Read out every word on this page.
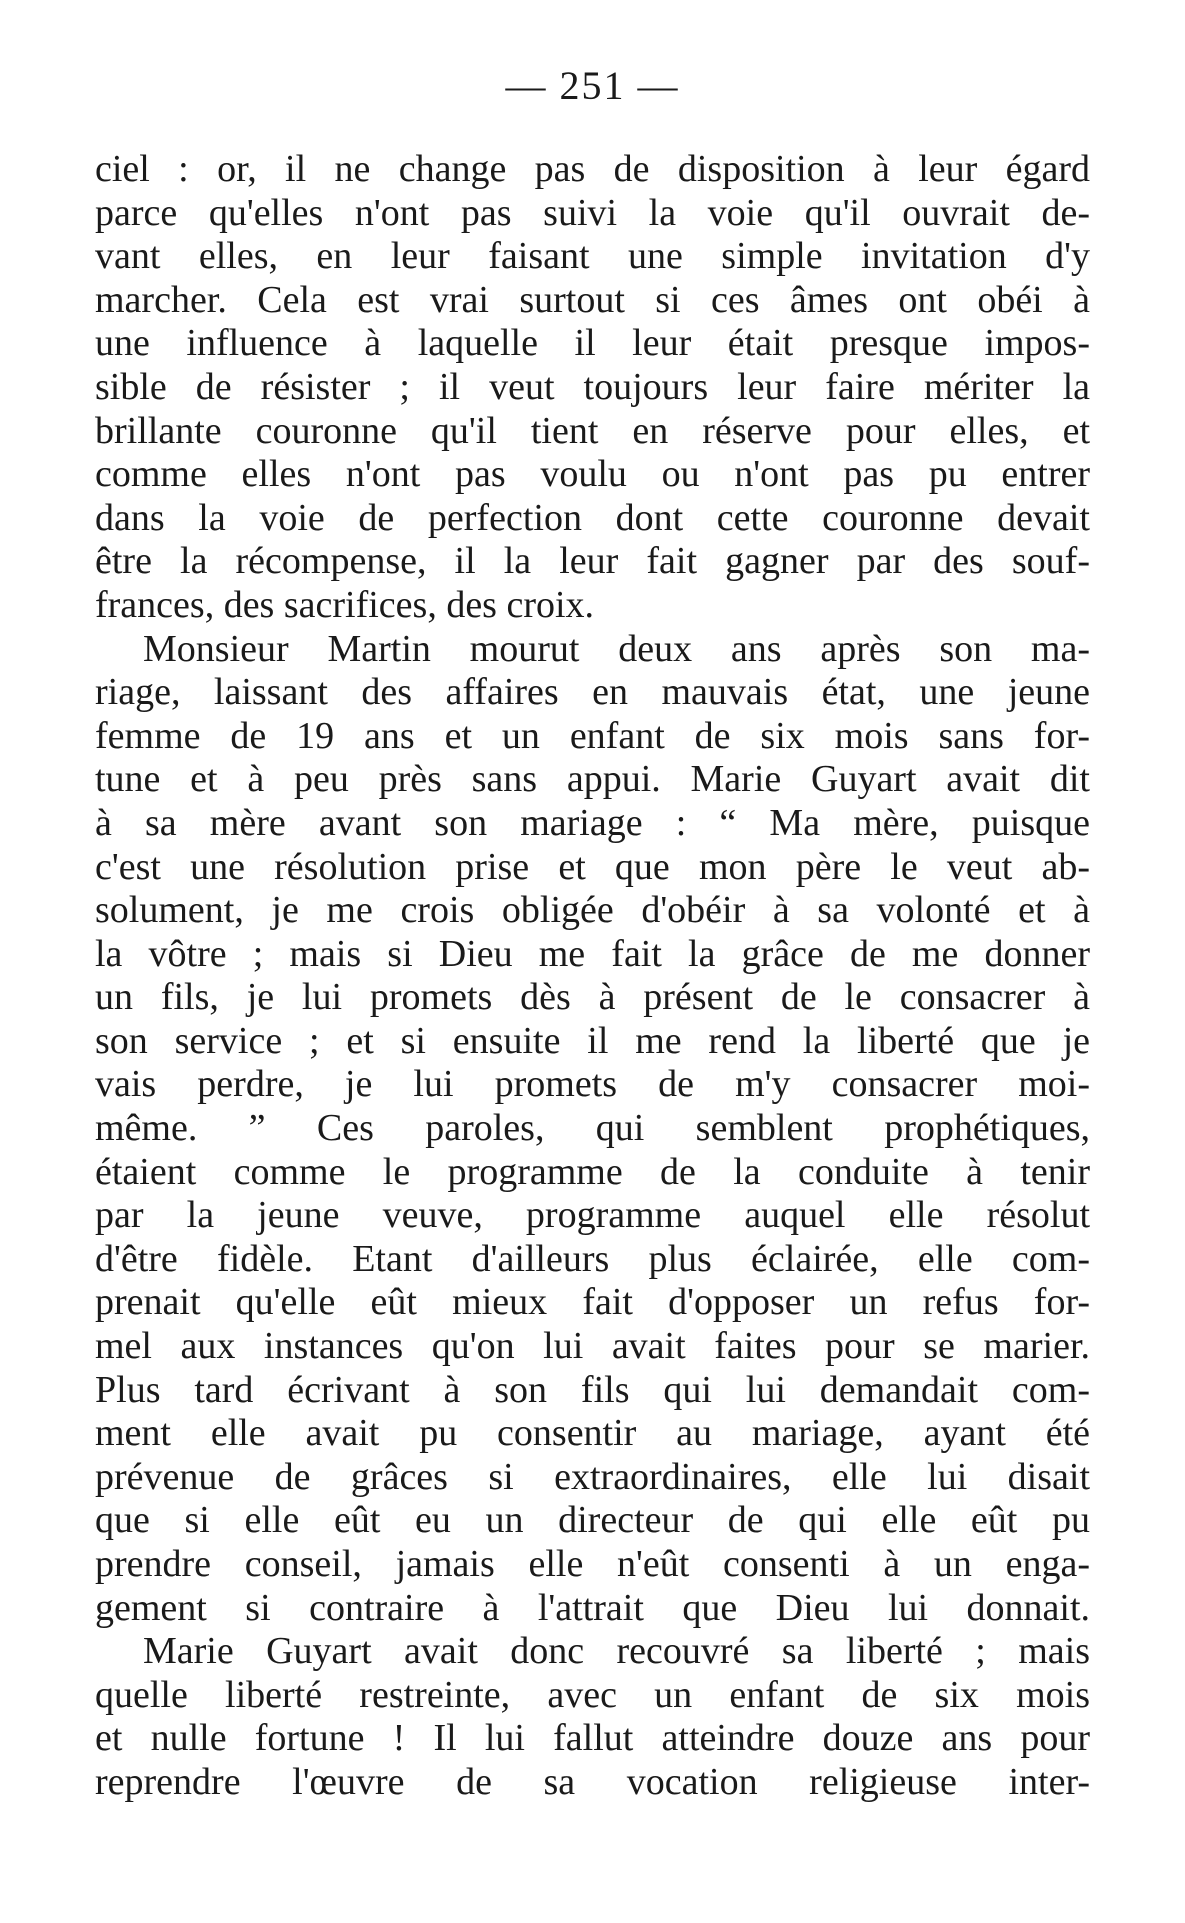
— 251 —
ciel : or, il ne change pas de disposition à leur égard
parce qu'elles n'ont pas suivi la voie qu'il ouvrait de-
vant elles, en leur faisant une simple invitation d'y
marcher. Cela est vrai surtout si ces âmes ont obéi à
une influence à laquelle il leur était presque impos-
sible de résister ; il veut toujours leur faire mériter la
brillante couronne qu'il tient en réserve pour elles, et
comme elles n'ont pas voulu ou n'ont pas pu entrer
dans la voie de perfection dont cette couronne devait
être la récompense, il la leur fait gagner par des souf-
frances, des sacrifices, des croix.
Monsieur Martin mourut deux ans après son ma-
riage, laissant des affaires en mauvais état, une jeune
femme de 19 ans et un enfant de six mois sans for-
tune et à peu près sans appui. Marie Guyart avait dit
à sa mère avant son mariage : “ Ma mère, puisque
c'est une résolution prise et que mon père le veut ab-
solument, je me crois obligée d'obéir à sa volonté et à
la vôtre ; mais si Dieu me fait la grâce de me donner
un fils, je lui promets dès à présent de le consacrer à
son service ; et si ensuite il me rend la liberté que je
vais perdre, je lui promets de m'y consacrer moi-
même. ” Ces paroles, qui semblent prophétiques,
étaient comme le programme de la conduite à tenir
par la jeune veuve, programme auquel elle résolut
d'être fidèle. Etant d'ailleurs plus éclairée, elle com-
prenait qu'elle eût mieux fait d'opposer un refus for-
mel aux instances qu'on lui avait faites pour se marier.
Plus tard écrivant à son fils qui lui demandait com-
ment elle avait pu consentir au mariage, ayant été
prévenue de grâces si extraordinaires, elle lui disait
que si elle eût eu un directeur de qui elle eût pu
prendre conseil, jamais elle n'eût consenti à un enga-
gement si contraire à l'attrait que Dieu lui donnait.
Marie Guyart avait donc recouvré sa liberté ; mais
quelle liberté restreinte, avec un enfant de six mois
et nulle fortune ! Il lui fallut atteindre douze ans pour
reprendre l'œuvre de sa vocation religieuse inter-
